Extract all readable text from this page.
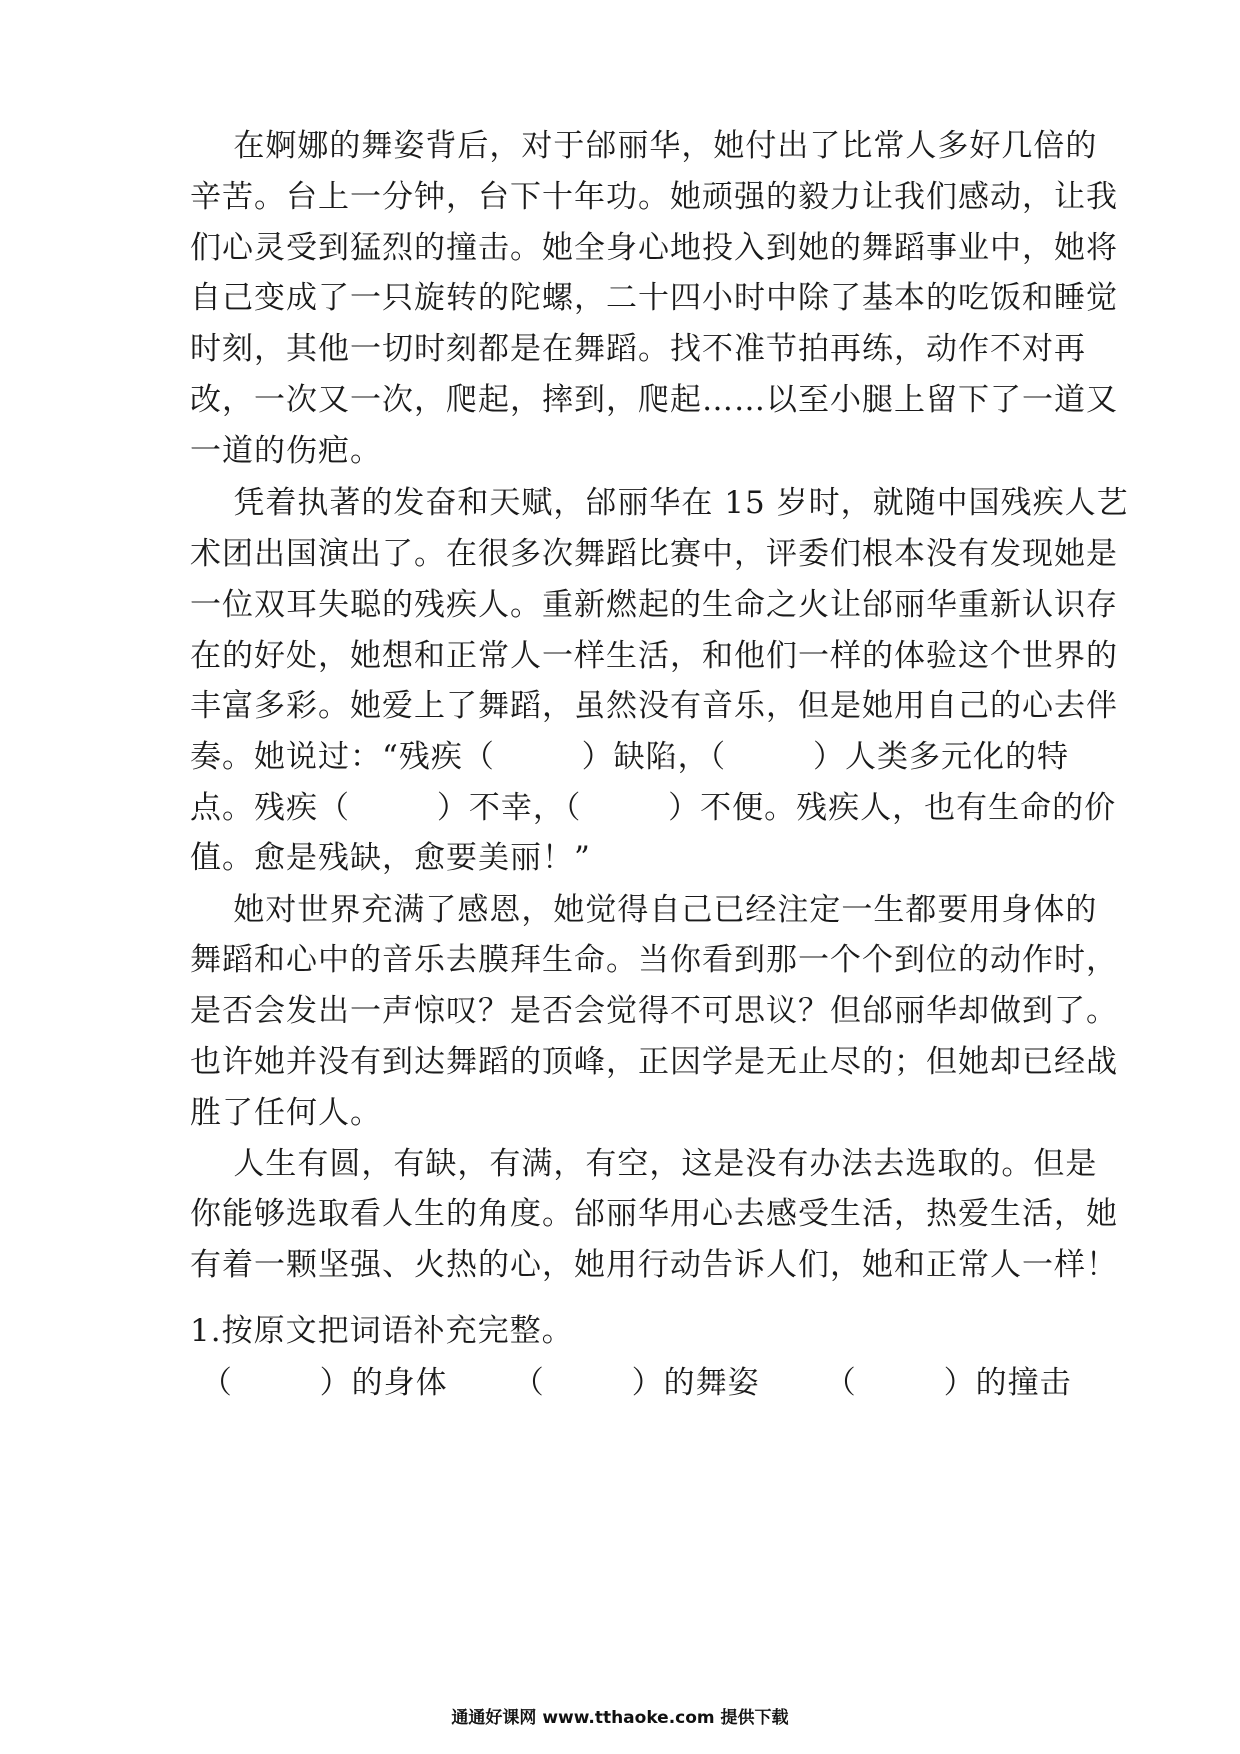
在婀娜的舞姿背后，对于邰丽华，她付出了比常人多好几倍的
辛苦。台上一分钟，台下十年功。她顽强的毅力让我们感动，让我
们心灵受到猛烈的撞击。她全身心地投入到她的舞蹈事业中，她将
自己变成了一只旋转的陀螺，二十四小时中除了基本的吃饭和睡觉
时刻，其他一切时刻都是在舞蹈。找不准节拍再练，动作不对再
改，一次又一次，爬起，摔到，爬起……以至小腿上留下了一道又
一道的伤疤。
凭着执著的发奋和天赋，邰丽华在 15 岁时，就随中国残疾人艺
术团出国演出了。在很多次舞蹈比赛中，评委们根本没有发现她是
一位双耳失聪的残疾人。重新燃起的生命之火让邰丽华重新认识存
在的好处，她想和正常人一样生活，和他们一样的体验这个世界的
丰富多彩。她爱上了舞蹈，虽然没有音乐，但是她用自己的心去伴
奏。她说过：“残疾（        ）缺陷，（        ）人类多元化的特
点。残疾（        ）不幸，（        ）不便。残疾人，也有生命的价
值。愈是残缺，愈要美丽！”
她对世界充满了感恩，她觉得自己已经注定一生都要用身体的
舞蹈和心中的音乐去膜拜生命。当你看到那一个个到位的动作时，
是否会发出一声惊叹？是否会觉得不可思议？但邰丽华却做到了。
也许她并没有到达舞蹈的顶峰，正因学是无止尽的；但她却已经战
胜了任何人。
人生有圆，有缺，有满，有空，这是没有办法去选取的。但是
你能够选取看人生的角度。邰丽华用心去感受生活，热爱生活，她
有着一颗坚强、火热的心，她用行动告诉人们，她和正常人一样！
1.按原文把词语补充完整。
（        ）的身体      （        ）的舞姿      （        ）的撞击
通通好课网 www.tthaoke.com 提供下载
